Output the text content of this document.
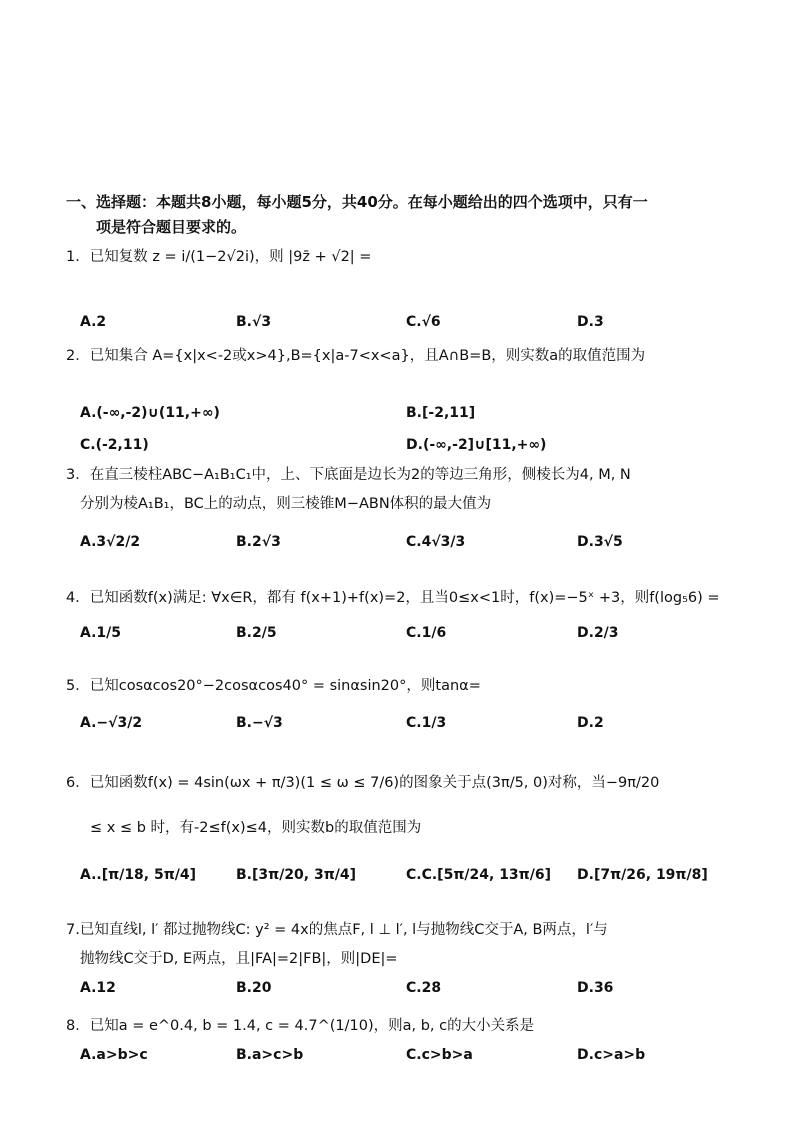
一、选择题：本题共8小题，每小题5分，共40分。在每小题给出的四个选项中，只有一
项是符合题目要求的。
1．已知复数 z = i/(1−2√2i)，则 |9z̄ + √2| =
A.2	B.√3	C.√6	D.3
2．已知集合 A={x|x<-2或x>4},B={x|a-7<x<a}，且A∩B=B，则实数a的取值范围为
A.(-∞,-2)∪(11,+∞)	B.[-2,11]
C.(-2,11)	D.(-∞,-2]∪[11,+∞)
3．在直三棱柱ABC−A₁B₁C₁中，上、下底面是边长为2的等边三角形，侧棱长为4, M, N
分别为棱A₁B₁，BC上的动点，则三棱锥M−ABN体积的最大值为
A.3√2/2	B.2√3	C.4√3/3	D.3√5
4．已知函数f(x)满足: ∀x∈R，都有 f(x+1)+f(x)=2，且当0≤x<1时，f(x)=−5ˣ +3，则f(log₅6) =
A.1/5	B.2/5	C.1/6	D.2/3
5．已知cosαcos20°−2cosαcos40° = sinαsin20°，则tanα=
A.−√3/2	B.−√3	C.1/3	D.2
6．已知函数f(x) = 4sin(ωx + π/3)(1 ≤ ω ≤ 7/6)的图象关于点(3π/5, 0)对称，当−9π/20
≤ x ≤ b 时，有-2≤f(x)≤4，则实数b的取值范围为
A..[π/18, 5π/4]	B.[3π/20, 3π/4]	C.C.[5π/24, 13π/6] D.[7π/26, 19π/8]
7.已知直线l, l′ 都过抛物线C: y² = 4x的焦点F, l ⊥ l′, l与抛物线C交于A, B两点，l′与
抛物线C交于D, E两点，且|FA|=2|FB|，则|DE|=
A.12	B.20	C.28	D.36
8．已知a = e^0.4, b = 1.4, c = 4.7^(1/10)，则a, b, c的大小关系是
A.a>b>c	B.a>c>b	C.c>b>a	D.c>a>b
